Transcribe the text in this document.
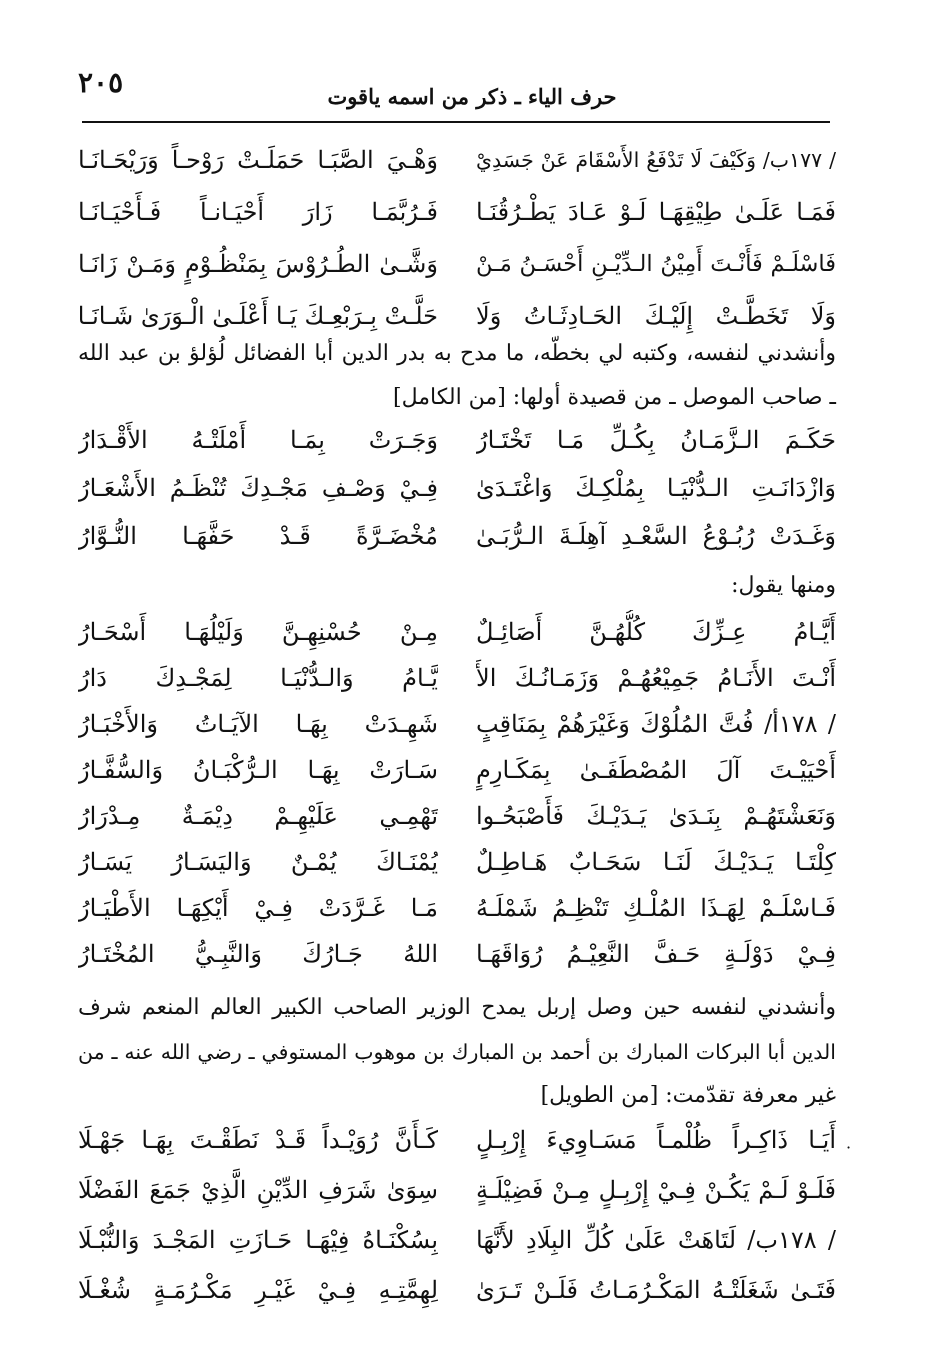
٢٠٥	حرف الياء ـ ذكر من اسمه ياقوت
/ ١٧٧ب/ وَكَيْفَ لَا تَدْفَعُ الأَسْقَامَ عَنْ جَسَدِيْ
وَهْـيَ الصَّبَـا حَمَلَـتْ رَوْحـاً وَرَيْحَـانَـا
فَمَـا عَلَـىٰ طِيْقِهَـا لَـوْ عَـادَ يَطْـرُقُنَـا
فَـرُبَّمَـا زَارَ أَحْيَـانـاً فَـأَحْيَـانَـا
فَاسْلَـمْ فَأَنْـتَ أَمِيْنُ الـدِّيْـنِ أَحْسَـنُ مَـنْ
وَشَّـىٰ الطُـرُوْسَ بِمَنْظُـوْمٍ وَمَـنْ زَانَـا
وَلَا تَخَطَّـتْ إِلَيْـكَ الحَـادِثَـاتُ وَلَا
حَلَّـتْ بِـرَبْعِـكَ يَـا أَعْلَـىٰ الْـوَرَىٰ شَـانَـا
وأنشدني لنفسه، وكتبه لي بخطّه، ما مدح به بدر الدين أبا الفضائل لُؤلؤ بن عبد الله
ـ صاحب الموصل ـ من قصيدة أولها: [من الكامل]
حَكَـمَ الـزَّمَـانُ بِكُـلِّ مَـا تَخْتَـارُ
وَجَـرَتْ بِمَـا أَمْلَتْـهُ الأَقْـدَارُ
وَازْدَانَـتِ الـدُّنْيَـا بِمُلْكِـكَ وَاغْتَـدَىٰ
فِـيْ وَصْـفِ مَجْـدِكَ تُنْظَـمُ الأَشْعَـارُ
وَغَـدَتْ رُبُـوْعُ السَّعْـدِ آهِلَـةَ الـرُّبَـىٰ
مُخْضَـرَّةً قَـدْ حَفَّهَـا النُّـوَّارُ
ومنها يقول:
أَيَّـامُ عِـزِّكَ كُلُّهُـنَّ أَصَائِـلٌ
مِـنْ حُسْنِهِـنَّ وَلَيْلُهَـا أَسْحَـارُ
أَنْـتَ الأَنَـامُ جَمِيْعُهُـمْ وَزَمَـانُـكَ الأَ
يَّـامُ وَالـدُّنْيَـا لِمَجْـدِكَ دَارُ
/ ١٧٨أ/ فُتَّ المُلُوْكَ وَغَيْرَهُمْ بِمَنَاقِبٍ
شَهِـدَتْ بِهَـا الآيَـاتُ وَالأَخْبَـارُ
أَحْيَيْـتَ آلَ المُصْطَفَـىٰ بِمَكَـارِمٍ
سَـارَتْ بِهَـا الـرُّكْبَـانُ وَالسُّفَّـارُ
وَنَعَشْتَهُـمْ بِنَـدَىٰ يَـدَيْـكَ فَأَصْبَحُـوا
تَهْمِـي عَلَيْهِـمْ دِيْمَـةٌ مِـدْرَارُ
كِلْتَـا يَـدَيْـكَ لَنَـا سَحَـابٌ هَـاطِـلٌ
يُمْنَـاكَ يُمْـنٌ وَاليَسَـارُ يَسَـارُ
فَـاسْلَـمْ لِهَـذَا المُلْـكِ تَنْظِـمُ شَمْلَـهُ
مَـا غَـرَّدَتْ فِـيْ أَيْكِهَـا الأَطْيَـارُ
فِـيْ دَوْلَـةٍ حَـفَّ النَّعِيْـمُ رُوَاقَهَـا
اللهُ جَـارُكَ وَالنَّبِـيُّ المُخْتَـارُ
وأنشدني لنفسه حين وصل إربل يمدح الوزير الصاحب الكبير العالم المنعم شرف
الدين أبا البركات المبارك بن أحمد بن المبارك بن موهوب المستوفي ـ رضي الله عنه ـ من
غير معرفة تقدّمت: [من الطويل]
·
أَيَـا ذَاكِـراً ظُلْمـاً مَسَـاوِيءَ إِرْبِـلٍ
كَـأَنَّ رُوَيْـداً قَـدْ نَطَقْـتَ بِهَـا جَهْـلَا
فَلَـوْ لَـمْ يَكُـنْ فِـيْ إِرْبِـلٍ مِـنْ فَضِيْلَـةٍ
سِوَىٰ شَرَفِ الدِّيْنِ الَّذِيْ جَمَعَ الفَضْلَا
/ ١٧٨ب/ لَتَاهَتْ عَلَىٰ كُلِّ البِلَادِ لأَنَّهَا
بِسُكْنَـاهُ فِيْهَـا حَـازَتِ المَجْـدَ وَالنُّبْـلَا
فَتَـىٰ شَغَلَتْـهُ المَكْـرُمَـاتُ فَلَـنْ تَـرَىٰ
لِهِمَّتِـهِ فِـيْ غَيْـرِ مَكْـرُمَـةٍ شُغْـلَا
